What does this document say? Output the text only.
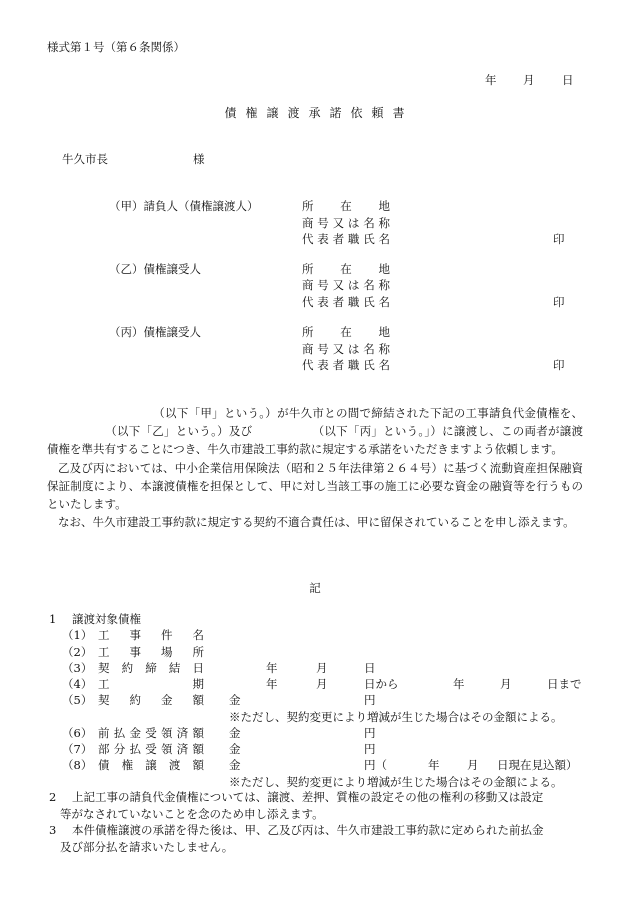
様式第１号（第６条関係）
年 月 日
債権譲渡承諾依頼書
牛久市長	様
（甲）請負人（債権譲渡人）	所 在 地
商 号 又 は 名 称
代 表 者 職 氏 名	印
（乙）債権譲受人	所 在 地
商 号 又 は 名 称
代 表 者 職 氏 名	印
（丙）債権譲受人	所 在 地
商 号 又 は 名 称
代 表 者 職 氏 名	印

（以下「甲」という。）が牛久市との間で締結された下記の工事請負代金債権を、（以下「乙」という。）及び	（以下「丙」という。」）に譲渡し、この両者が譲渡債権を準共有することにつき、牛久市建設工事約款に規定する承諾をいただきますよう依頼します。

乙及び丙においては、中小企業信用保険法（昭和２５年法律第２６４号）に基づく流動資産担保融資保証制度により、本譲渡債権を担保として、甲に対し当該工事の施工に必要な資金の融資等を行うものといたします。

なお、牛久市建設工事約款に規定する契約不適合責任は、甲に留保されていることを申し添えます。

記
1 譲渡対象債権
（1） 工 事 件 名
（2） 工 事 場 所
（3） 契 約 締 結 日	年	月	日
（4） 工	期	年	月	日から	年	月	日まで
（5） 契 約 金 額 金	円
※ただし、契約変更により増減が生じた場合はその金額による。
（6） 前 払 金 受 領 済 額 金	円
（7） 部 分 払 受 領 済 額 金	円
（8） 債 権 譲 渡 額 金	円（	年 月 日現在見込額）
※ただし、契約変更により増減が生じた場合はその金額による。
2 上記工事の請負代金債権については、譲渡、差押、質権の設定その他の権利の移動又は設定
等がなされていないことを念のため申し添えます。
3 本件債権譲渡の承諾を得た後は、甲、乙及び丙は、牛久市建設工事約款に定められた前払金
及び部分払を請求いたしません。
